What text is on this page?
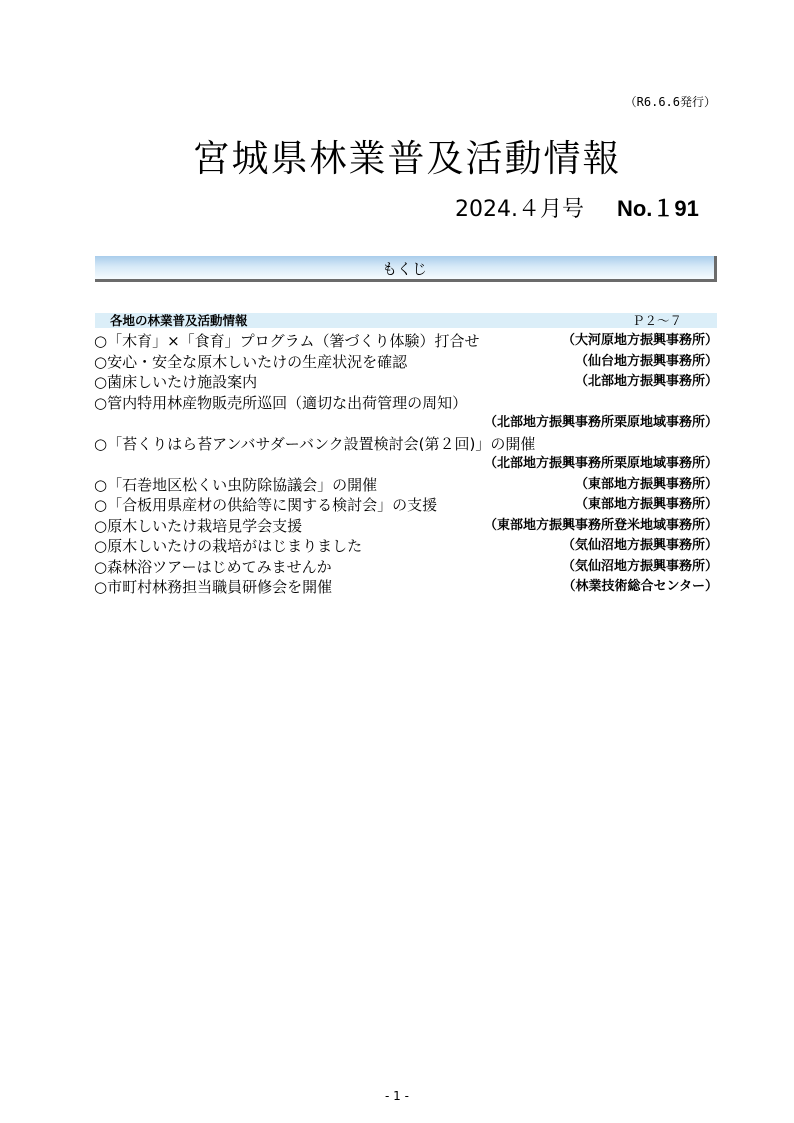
（R6.6.6発行）
宮城県林業普及活動情報
2024.４月号 No.１91
もくじ
各地の林業普及活動情報	Ｐ２～７
○「木育」×「食育」プログラム（箸づくり体験）打合せ	（大河原地方振興事務所）
○安心・安全な原木しいたけの生産状況を確認	（仙台地方振興事務所）
○菌床しいたけ施設案内	（北部地方振興事務所）
○管内特用林産物販売所巡回（適切な出荷管理の周知）
（北部地方振興事務所栗原地域事務所）
○「苔くりはら苔アンバサダーバンク設置検討会(第２回)」の開催
（北部地方振興事務所栗原地域事務所）
○「石巻地区松くい虫防除協議会」の開催	（東部地方振興事務所）
○「合板用県産材の供給等に関する検討会」の支援	（東部地方振興事務所）
○原木しいたけ栽培見学会支援	（東部地方振興事務所登米地域事務所）
○原木しいたけの栽培がはじまりました	（気仙沼地方振興事務所）
○森林浴ツアーはじめてみませんか	（気仙沼地方振興事務所）
○市町村林務担当職員研修会を開催	（林業技術総合センター）
- 1 -
